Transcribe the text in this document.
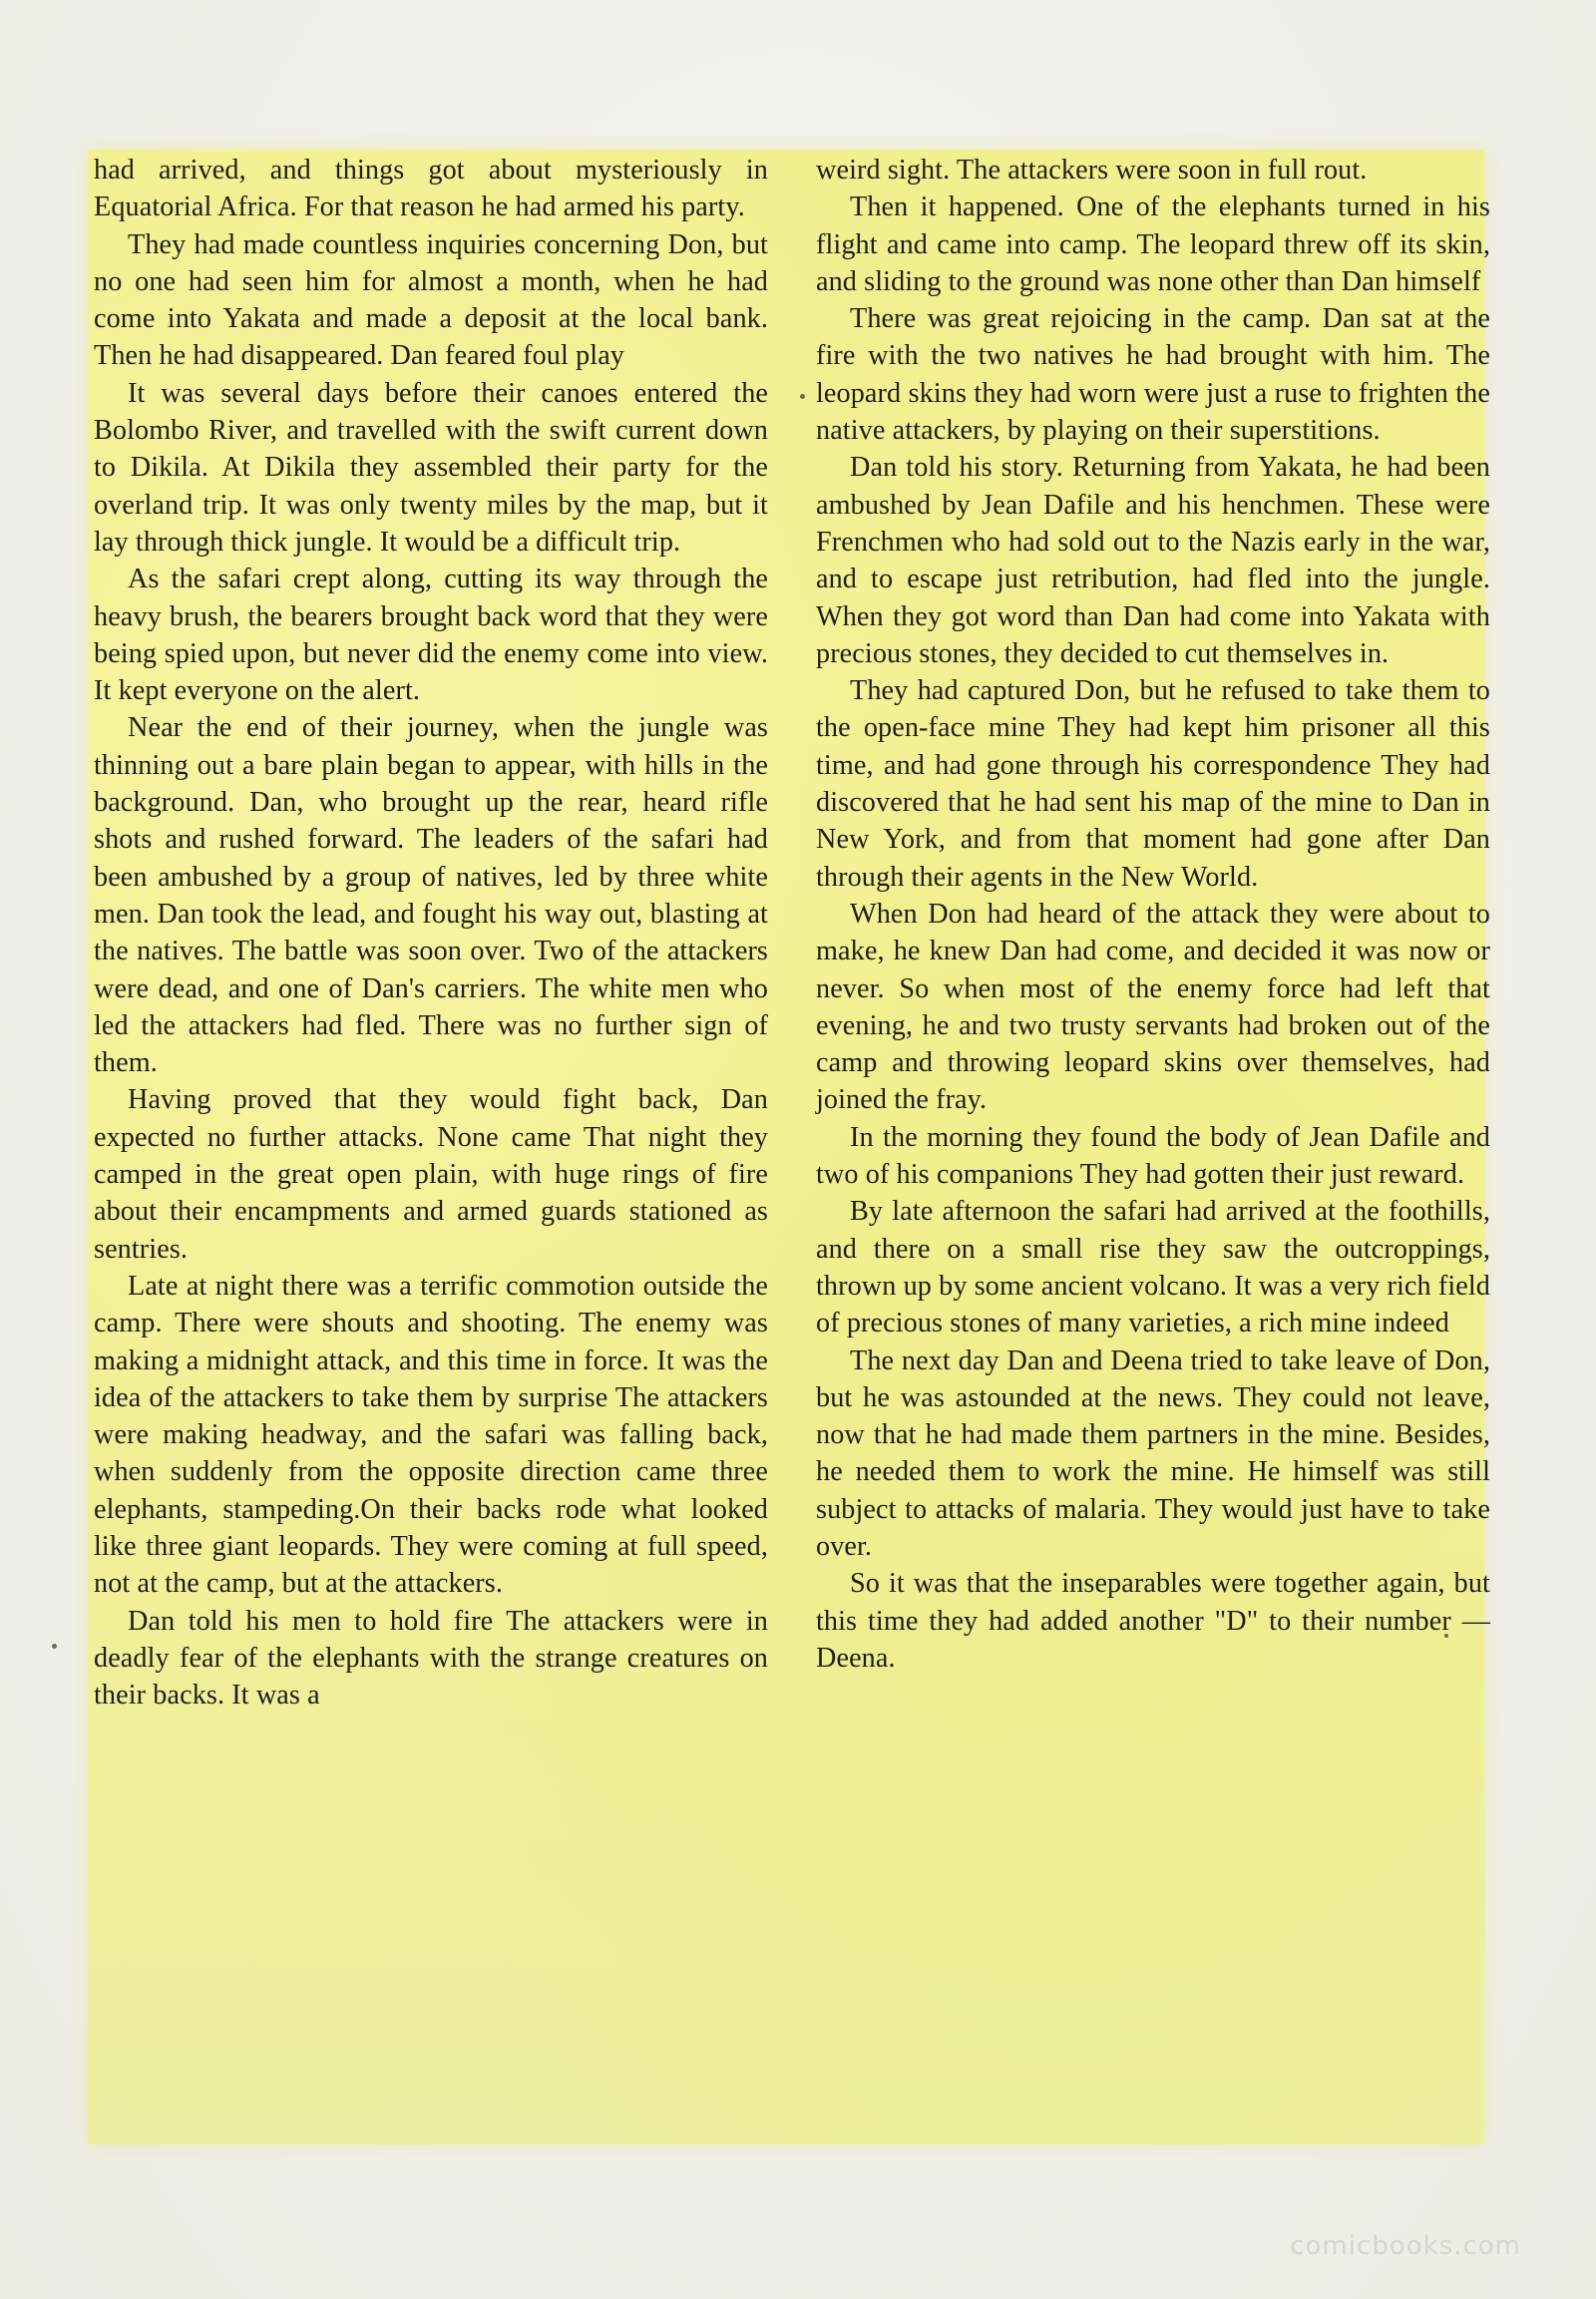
had arrived, and things got about mysteriously in Equatorial Africa. For that reason he had armed his party.

They had made countless inquiries concerning Don, but no one had seen him for almost a month, when he had come into Yakata and made a deposit at the local bank. Then he had disappeared. Dan feared foul play

It was several days before their canoes entered the Bolombo River, and travelled with the swift current down to Dikila. At Dikila they assembled their party for the overland trip. It was only twenty miles by the map, but it lay through thick jungle. It would be a difficult trip.

As the safari crept along, cutting its way through the heavy brush, the bearers brought back word that they were being spied upon, but never did the enemy come into view. It kept everyone on the alert.

Near the end of their journey, when the jungle was thinning out a bare plain began to appear, with hills in the background. Dan, who brought up the rear, heard rifle shots and rushed forward. The leaders of the safari had been ambushed by a group of natives, led by three white men. Dan took the lead, and fought his way out, blasting at the natives. The battle was soon over. Two of the attackers were dead, and one of Dan's carriers. The white men who led the attackers had fled. There was no further sign of them.

Having proved that they would fight back, Dan expected no further attacks. None came That night they camped in the great open plain, with huge rings of fire about their encampments and armed guards stationed as sentries.

Late at night there was a terrific commotion outside the camp. There were shouts and shooting. The enemy was making a midnight attack, and this time in force. It was the idea of the attackers to take them by surprise The attackers were making headway, and the safari was falling back, when suddenly from the opposite direction came three elephants, stampeding.On their backs rode what looked like three giant leopards. They were coming at full speed, not at the camp, but at the attackers.

Dan told his men to hold fire The attackers were in deadly fear of the elephants with the strange creatures on their backs. It was a

weird sight. The attackers were soon in full rout.

Then it happened. One of the elephants turned in his flight and came into camp. The leopard threw off its skin, and sliding to the ground was none other than Dan himself

There was great rejoicing in the camp. Dan sat at the fire with the two natives he had brought with him. The leopard skins they had worn were just a ruse to frighten the native attackers, by playing on their superstitions.

Dan told his story. Returning from Yakata, he had been ambushed by Jean Dafile and his henchmen. These were Frenchmen who had sold out to the Nazis early in the war, and to escape just retribution, had fled into the jungle. When they got word than Dan had come into Yakata with precious stones, they decided to cut themselves in.

They had captured Don, but he refused to take them to the open-face mine They had kept him prisoner all this time, and had gone through his correspondence They had discovered that he had sent his map of the mine to Dan in New York, and from that moment had gone after Dan through their agents in the New World.

When Don had heard of the attack they were about to make, he knew Dan had come, and decided it was now or never. So when most of the enemy force had left that evening, he and two trusty servants had broken out of the camp and throwing leopard skins over themselves, had joined the fray.

In the morning they found the body of Jean Dafile and two of his companions They had gotten their just reward.

By late afternoon the safari had arrived at the foothills, and there on a small rise they saw the outcroppings, thrown up by some ancient volcano. It was a very rich field of precious stones of many varieties, a rich mine indeed

The next day Dan and Deena tried to take leave of Don, but he was astounded at the news. They could not leave, now that he had made them partners in the mine. Besides, he needed them to work the mine. He himself was still subject to attacks of malaria. They would just have to take over.

So it was that the inseparables were together again, but this time they had added another "D" to their number — Deena.

comicbooks.com
